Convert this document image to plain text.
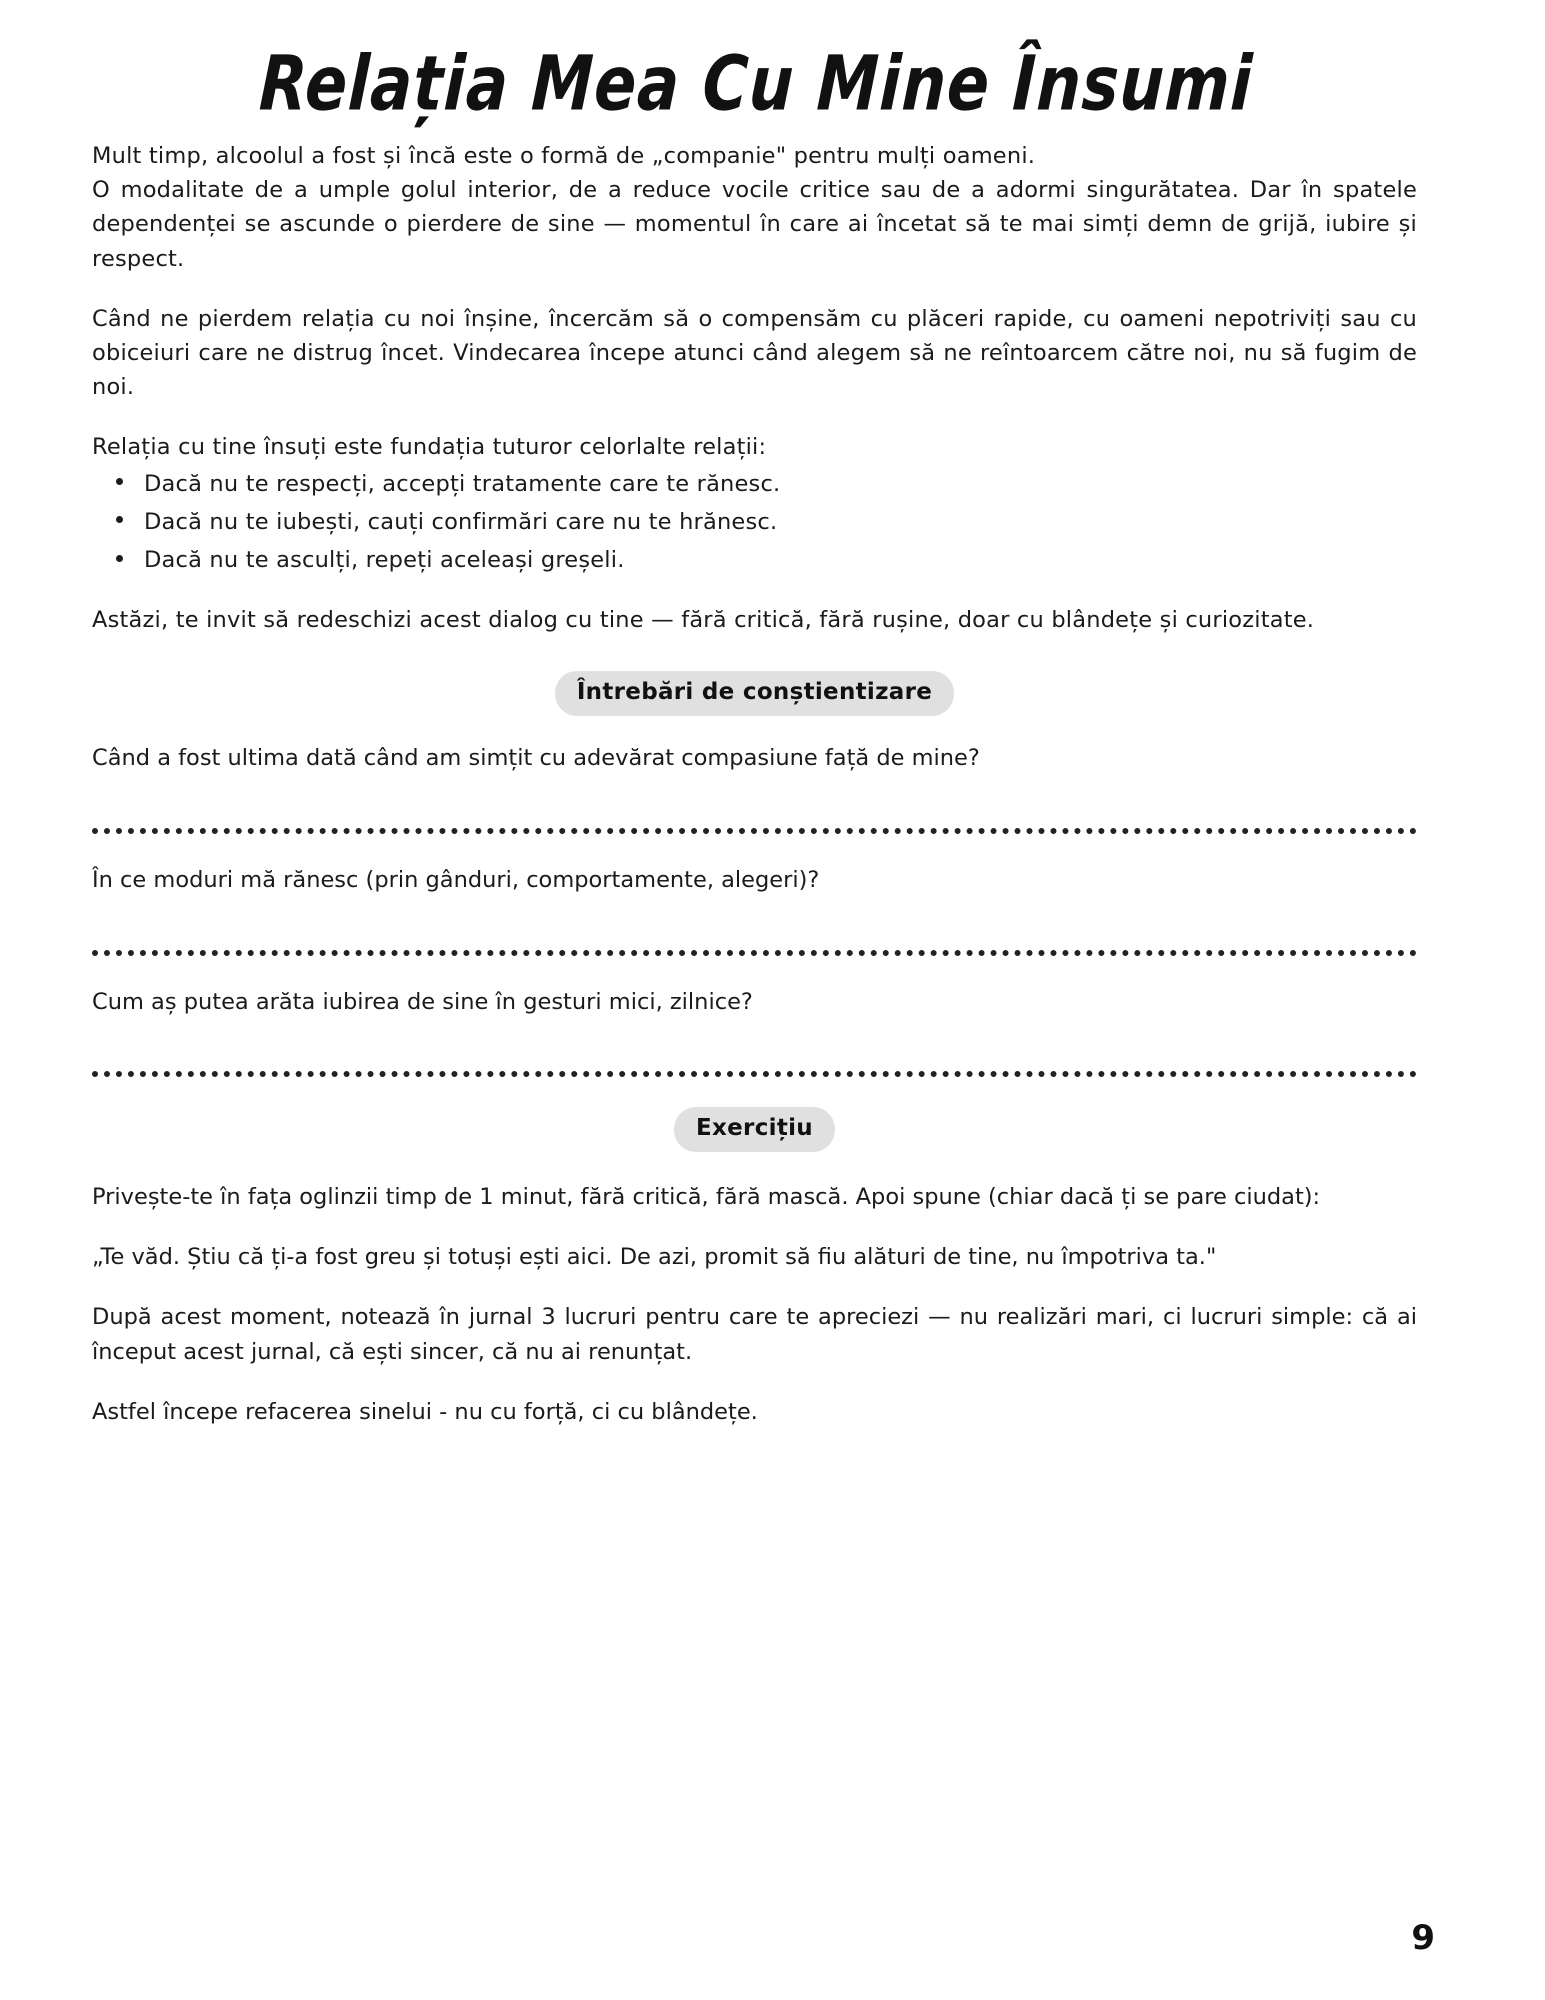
Relația Mea Cu Mine Însumi

Mult timp, alcoolul a fost și încă este o formă de „companie" pentru mulți oameni.

O modalitate de a umple golul interior, de a reduce vocile critice sau de a adormi singurătatea. Dar în spatele dependenței se ascunde o pierdere de sine — momentul în care ai încetat să te mai simți demn de grijă, iubire și respect.

Când ne pierdem relația cu noi înșine, încercăm să o compensăm cu plăceri rapide, cu oameni nepotriviți sau cu obiceiuri care ne distrug încet. Vindecarea începe atunci când alegem să ne reîntoarcem către noi, nu să fugim de noi.

Relația cu tine însuți este fundația tuturor celorlalte relații:

Dacă nu te respecți, accepți tratamente care te rănesc.
Dacă nu te iubești, cauți confirmări care nu te hrănesc.
Dacă nu te asculți, repeți aceleași greșeli.

Astăzi, te invit să redeschizi acest dialog cu tine — fără critică, fără rușine, doar cu blândețe și curiozitate.

Întrebări de conștientizare

Când a fost ultima dată când am simțit cu adevărat compasiune față de mine?

În ce moduri mă rănesc (prin gânduri, comportamente, alegeri)?

Cum aș putea arăta iubirea de sine în gesturi mici, zilnice?

Exercițiu

Privește-te în fața oglinzii timp de 1 minut, fără critică, fără mască. Apoi spune (chiar dacă ți se pare ciudat):

„Te văd. Știu că ți-a fost greu și totuși ești aici. De azi, promit să fiu alături de tine, nu împotriva ta."

După acest moment, notează în jurnal 3 lucruri pentru care te apreciezi — nu realizări mari, ci lucruri simple: că ai început acest jurnal, că ești sincer, că nu ai renunțat.

Astfel începe refacerea sinelui - nu cu forță, ci cu blândețe.

9
